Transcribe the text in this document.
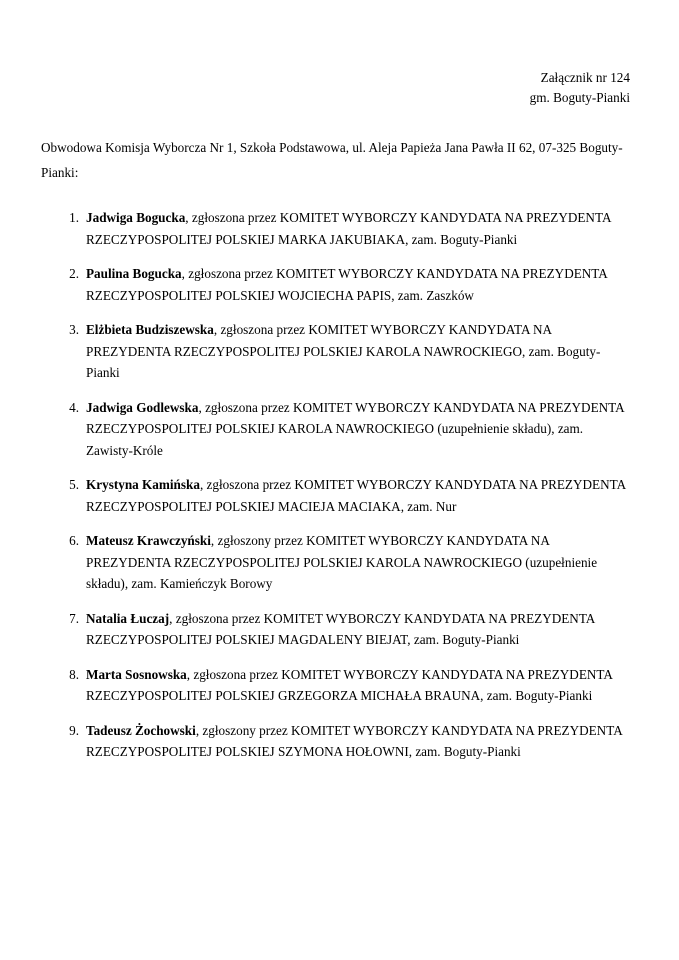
Załącznik nr 124
gm. Boguty-Pianki

Obwodowa Komisja Wyborcza Nr 1, Szkoła Podstawowa, ul. Aleja Papieża Jana Pawła II 62, 07-325 Boguty-Pianki:

1. Jadwiga Bogucka, zgłoszona przez KOMITET WYBORCZY KANDYDATA NA PREZYDENTA RZECZYPOSPOLITEJ POLSKIEJ MARKA JAKUBIAKA, zam. Boguty-Pianki
2. Paulina Bogucka, zgłoszona przez KOMITET WYBORCZY KANDYDATA NA PREZYDENTA RZECZYPOSPOLITEJ POLSKIEJ WOJCIECHA PAPIS, zam. Zaszków
3. Elżbieta Budziszewska, zgłoszona przez KOMITET WYBORCZY KANDYDATA NA PREZYDENTA RZECZYPOSPOLITEJ POLSKIEJ KAROLA NAWROCKIEGO, zam. Boguty-Pianki
4. Jadwiga Godlewska, zgłoszona przez KOMITET WYBORCZY KANDYDATA NA PREZYDENTA RZECZYPOSPOLITEJ POLSKIEJ KAROLA NAWROCKIEGO (uzupełnienie składu), zam. Zawisty-Króle
5. Krystyna Kamińska, zgłoszona przez KOMITET WYBORCZY KANDYDATA NA PREZYDENTA RZECZYPOSPOLITEJ POLSKIEJ MACIEJA MACIAKA, zam. Nur
6. Mateusz Krawczyński, zgłoszony przez KOMITET WYBORCZY KANDYDATA NA PREZYDENTA RZECZYPOSPOLITEJ POLSKIEJ KAROLA NAWROCKIEGO (uzupełnienie składu), zam. Kamieńczyk Borowy
7. Natalia Łuczaj, zgłoszona przez KOMITET WYBORCZY KANDYDATA NA PREZYDENTA RZECZYPOSPOLITEJ POLSKIEJ MAGDALENY BIEJAT, zam. Boguty-Pianki
8. Marta Sosnowska, zgłoszona przez KOMITET WYBORCZY KANDYDATA NA PREZYDENTA RZECZYPOSPOLITEJ POLSKIEJ GRZEGORZA MICHAŁA BRAUNA, zam. Boguty-Pianki
9. Tadeusz Żochowski, zgłoszony przez KOMITET WYBORCZY KANDYDATA NA PREZYDENTA RZECZYPOSPOLITEJ POLSKIEJ SZYMONA HOŁOWNI, zam. Boguty-Pianki
